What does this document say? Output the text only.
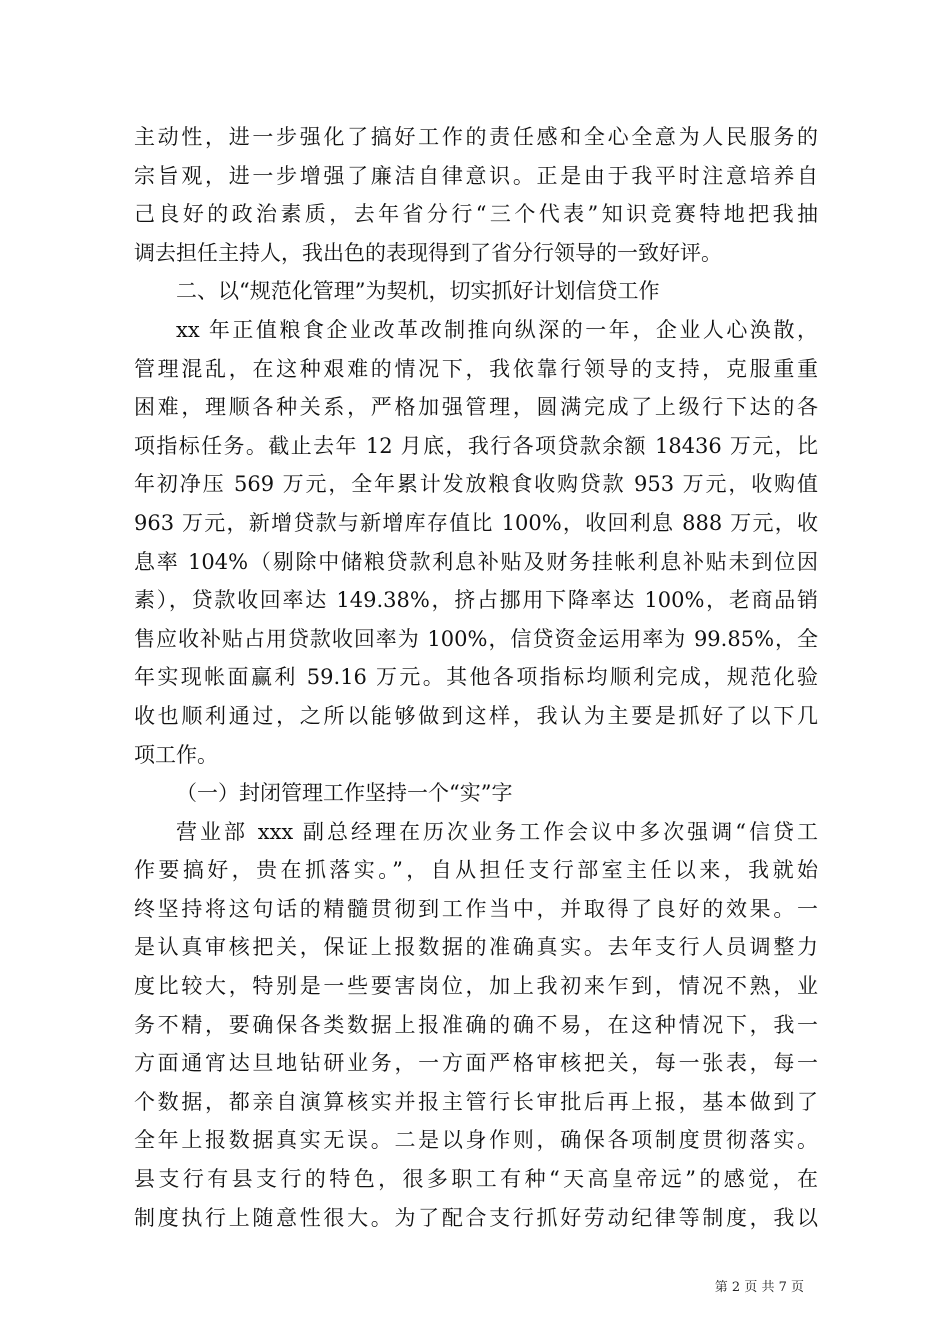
主动性，进一步强化了搞好工作的责任感和全心全意为人民服务的
宗旨观，进一步增强了廉洁自律意识。正是由于我平时注意培养自
己良好的政治素质，去年省分行“三个代表”知识竞赛特地把我抽
调去担任主持人，我出色的表现得到了省分行领导的一致好评。
二、以“规范化管理”为契机，切实抓好计划信贷工作
xx 年正值粮食企业改革改制推向纵深的一年，企业人心涣散，
管理混乱，在这种艰难的情况下，我依靠行领导的支持，克服重重
困难，理顺各种关系，严格加强管理，圆满完成了上级行下达的各
项指标任务。截止去年 12 月底，我行各项贷款余额 18436 万元，比
年初净压 569 万元，全年累计发放粮食收购贷款 953 万元，收购值
963 万元，新增贷款与新增库存值比 100%，收回利息 888 万元，收
息率 104%（剔除中储粮贷款利息补贴及财务挂帐利息补贴未到位因
素），贷款收回率达 149.38%，挤占挪用下降率达 100%，老商品销
售应收补贴占用贷款收回率为 100%，信贷资金运用率为 99.85%，全
年实现帐面赢利 59.16 万元。其他各项指标均顺利完成，规范化验
收也顺利通过，之所以能够做到这样，我认为主要是抓好了以下几
项工作。
（一）封闭管理工作坚持一个“实”字
营业部 xxx 副总经理在历次业务工作会议中多次强调“信贷工
作要搞好，贵在抓落实。”，自从担任支行部室主任以来，我就始
终坚持将这句话的精髓贯彻到工作当中，并取得了良好的效果。一
是认真审核把关，保证上报数据的准确真实。去年支行人员调整力
度比较大，特别是一些要害岗位，加上我初来乍到，情况不熟，业
务不精，要确保各类数据上报准确的确不易，在这种情况下，我一
方面通宵达旦地钻研业务，一方面严格审核把关，每一张表，每一
个数据，都亲自演算核实并报主管行长审批后再上报，基本做到了
全年上报数据真实无误。二是以身作则，确保各项制度贯彻落实。
县支行有县支行的特色，很多职工有种“天高皇帝远”的感觉，在
制度执行上随意性很大。为了配合支行抓好劳动纪律等制度，我以
第 2 页 共 7 页
